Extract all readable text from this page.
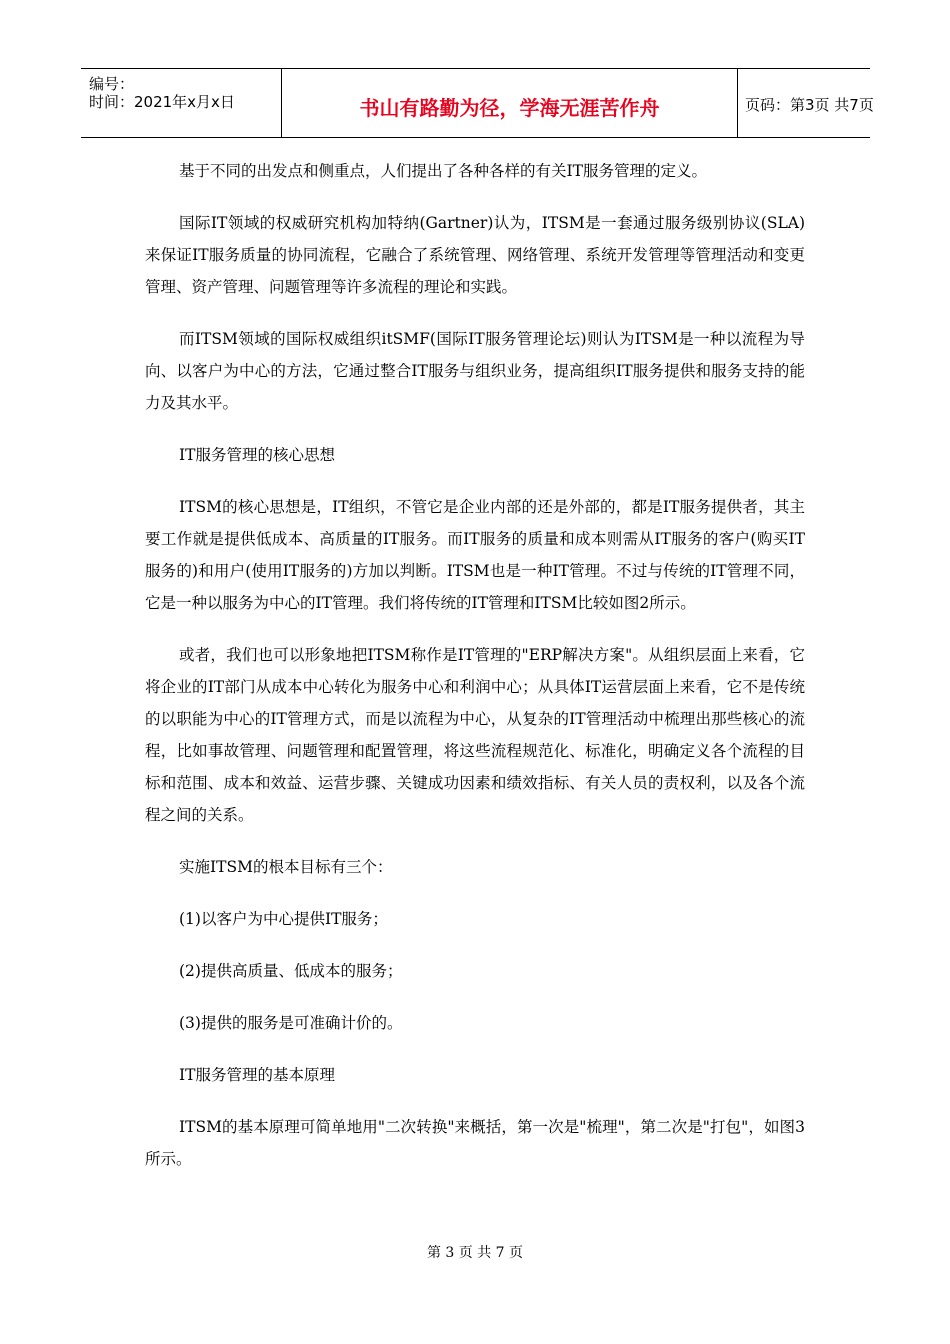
编号：
时间：2021年x月x日	书山有路勤为径，学海无涯苦作舟	页码：第3页 共7页

基于不同的出发点和侧重点，人们提出了各种各样的有关IT服务管理的定义。

国际IT领域的权威研究机构加特纳(Gartner)认为，ITSM是一套通过服务级别协议(SLA)来保证IT服务质量的协同流程，它融合了系统管理、网络管理、系统开发管理等管理活动和变更管理、资产管理、问题管理等许多流程的理论和实践。

而ITSM领域的国际权威组织itSMF(国际IT服务管理论坛)则认为ITSM是一种以流程为导向、以客户为中心的方法，它通过整合IT服务与组织业务，提高组织IT服务提供和服务支持的能力及其水平。

IT服务管理的核心思想

ITSM的核心思想是，IT组织，不管它是企业内部的还是外部的，都是IT服务提供者，其主要工作就是提供低成本、高质量的IT服务。而IT服务的质量和成本则需从IT服务的客户(购买IT服务的)和用户(使用IT服务的)方加以判断。ITSM也是一种IT管理。不过与传统的IT管理不同，它是一种以服务为中心的IT管理。我们将传统的IT管理和ITSM比较如图2所示。

或者，我们也可以形象地把ITSM称作是IT管理的"ERP解决方案"。从组织层面上来看，它将企业的IT部门从成本中心转化为服务中心和利润中心；从具体IT运营层面上来看，它不是传统的以职能为中心的IT管理方式，而是以流程为中心，从复杂的IT管理活动中梳理出那些核心的流程，比如事故管理、问题管理和配置管理，将这些流程规范化、标准化，明确定义各个流程的目标和范围、成本和效益、运营步骤、关键成功因素和绩效指标、有关人员的责权利，以及各个流程之间的关系。

实施ITSM的根本目标有三个：

(1)以客户为中心提供IT服务；

(2)提供高质量、低成本的服务；

(3)提供的服务是可准确计价的。

IT服务管理的基本原理

ITSM的基本原理可简单地用"二次转换"来概括，第一次是"梳理"，第二次是"打包"，如图3所示。

第 3 页 共 7 页
